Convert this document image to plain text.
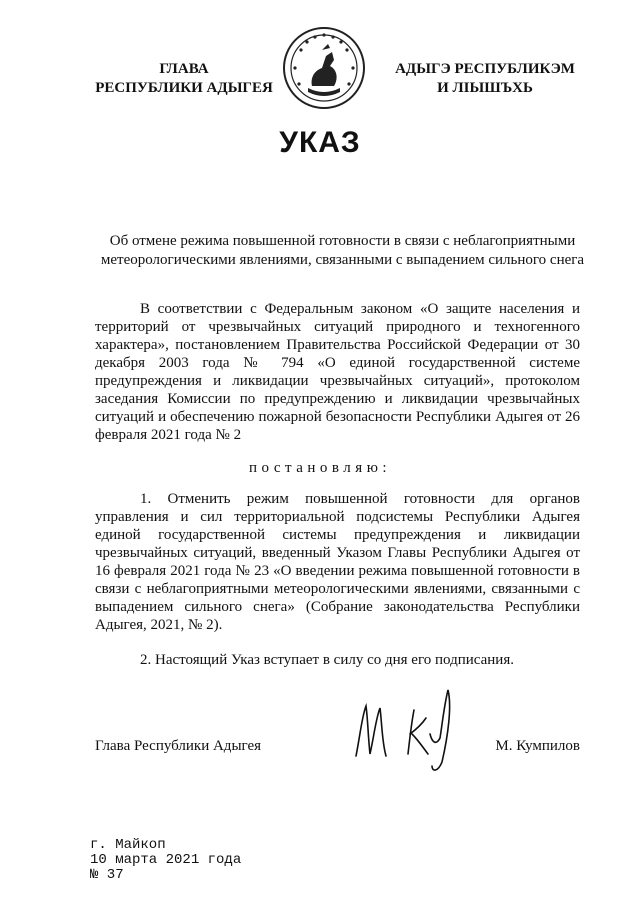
ГЛАВА
РЕСПУБЛИКИ АДЫГЕЯ
АДЫГЭ РЕСПУБЛИКЭМ
И ЛІЫШЪХЬ
УКАЗ
Об отмене режима повышенной готовности в связи с неблагоприятными
метеорологическими явлениями, связанными с выпадением сильного снега

В соответствии с Федеральным законом «О защите населения и территорий от чрезвычайных ситуаций природного и техногенного характера», постановлением Правительства Российской Федерации от 30 декабря 2003 года № 794 «О единой государственной системе предупреждения и ликвидации чрезвычайных ситуаций», протоколом заседания Комиссии по предупреждению и ликвидации чрезвычайных ситуаций и обеспечению пожарной безопасности Республики Адыгея от 26 февраля 2021 года № 2

постановляю:

1. Отменить режим повышенной готовности для органов управления и сил территориальной подсистемы Республики Адыгея единой государственной системы предупреждения и ликвидации чрезвычайных ситуаций, введенный Указом Главы Республики Адыгея от 16 февраля 2021 года № 23 «О введении режима повышенной готовности в связи с неблагоприятными метеорологическими явлениями, связанными с выпадением сильного снега» (Собрание законодательства Республики Адыгея, 2021, № 2).

2. Настоящий Указ вступает в силу со дня его подписания.

Глава Республики Адыгея	М. Кумпилов
г. Майкоп
10 марта 2021 года
№ 37
